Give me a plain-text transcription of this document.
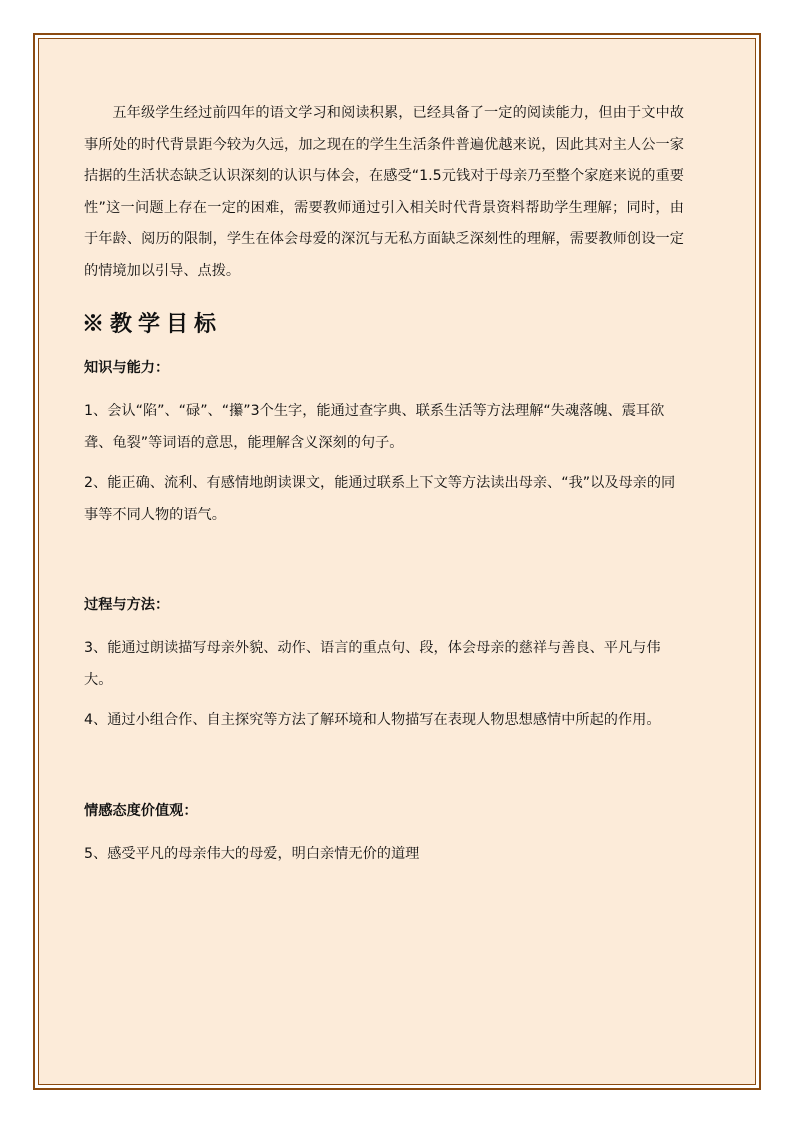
五年级学生经过前四年的语文学习和阅读积累，已经具备了一定的阅读能力，但由于文中故事所处的时代背景距今较为久远，加之现在的学生生活条件普遍优越来说，因此其对主人公一家拮据的生活状态缺乏认识深刻的认识与体会，在感受“1.5元钱对于母亲乃至整个家庭来说的重要性”这一问题上存在一定的困难，需要教师通过引入相关时代背景资料帮助学生理解；同时，由于年龄、阅历的限制，学生在体会母爱的深沉与无私方面缺乏深刻性的理解，需要教师创设一定的情境加以引导、点拨。

※教学目标
知识与能力：

1、会认“陷”、“碌”、“攥”3个生字，能通过查字典、联系生活等方法理解“失魂落魄、震耳欲聋、龟裂”等词语的意思，能理解含义深刻的句子。

2、能正确、流利、有感情地朗读课文，能通过联系上下文等方法读出母亲、“我”以及母亲的同事等不同人物的语气。

过程与方法：

3、能通过朗读描写母亲外貌、动作、语言的重点句、段，体会母亲的慈祥与善良、平凡与伟大。

4、通过小组合作、自主探究等方法了解环境和人物描写在表现人物思想感情中所起的作用。

情感态度价值观：

5、感受平凡的母亲伟大的母爱，明白亲情无价的道理
